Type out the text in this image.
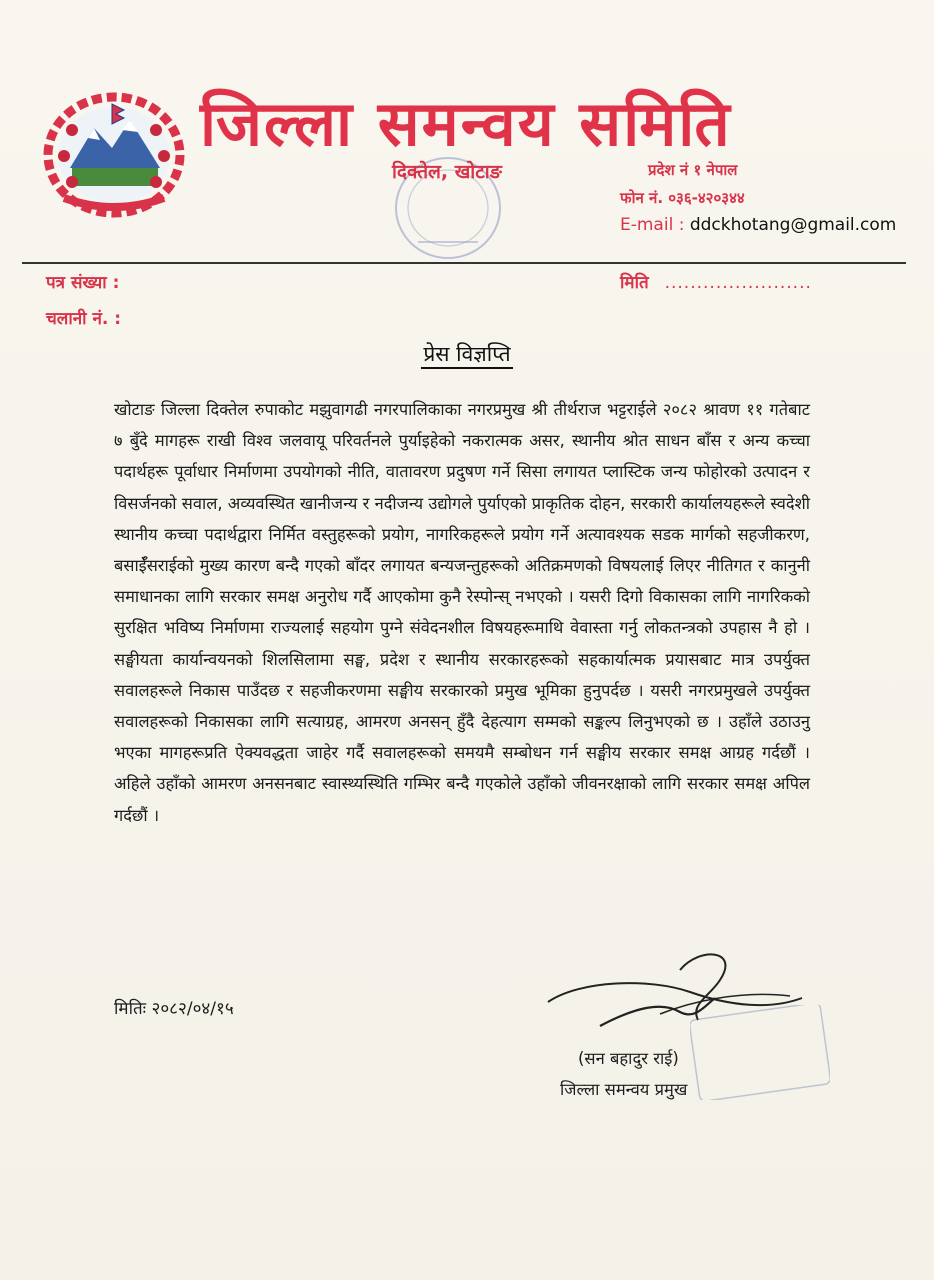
जिल्ला समन्वय समिति
दिक्तेल, खोटाङ	प्रदेश नं १ नेपाल
फोन नं. ०३६-४२०३४४
E-mail : ddckhotang@gmail.com
पत्र संख्या :
चलानी नं. :
मिति .......................
प्रेस विज्ञप्ति
खोटाङ जिल्ला दिक्तेल रुपाकोट मझुवागढी नगरपालिकाका नगरप्रमुख श्री तीर्थराज भट्टराईले २०८२ श्रावण ११ गतेबाट ७ बुँदे मागहरू राखी विश्व जलवायू परिवर्तनले पुर्याइहेको नकरात्मक असर, स्थानीय श्रोत साधन बाँस र अन्य कच्चा पदार्थहरू पूर्वाधार निर्माणमा उपयोगको नीति, वातावरण प्रदुषण गर्ने सिसा लगायत प्लास्टिक जन्य फोहोरको उत्पादन र विसर्जनको सवाल, अव्यवस्थित खानीजन्य र नदीजन्य उद्योगले पुर्याएको प्राकृतिक दोहन, सरकारी कार्यालयहरूले स्वदेशी स्थानीय कच्चा पदार्थद्वारा निर्मित वस्तुहरूको प्रयोग, नागरिकहरूले प्रयोग गर्ने अत्यावश्यक सडक मार्गको सहजीकरण, बसाईँसराईको मुख्य कारण बन्दै गएको बाँदर लगायत बन्यजन्तुहरूको अतिक्रमणको विषयलाई लिएर नीतिगत र कानुनी समाधानका लागि सरकार समक्ष अनुरोध गर्दै आएकोमा कुनै रेस्पोन्स् नभएको । यसरी दिगो विकासका लागि नागरिकको सुरक्षित भविष्य निर्माणमा राज्यलाई सहयोग पुग्ने संवेदनशील विषयहरूमाथि वेवास्ता गर्नु लोकतन्त्रको उपहास नै हो । सङ्घीयता कार्यान्वयनको शिलसिलामा सङ्घ, प्रदेश र स्थानीय सरकारहरूको सहकार्यात्मक प्रयासबाट मात्र उपर्युक्त सवालहरूले निकास पाउँदछ र सहजीकरणमा सङ्घीय सरकारको प्रमुख भूमिका हुनुपर्दछ । यसरी नगरप्रमुखले उपर्युक्त सवालहरूको निकासका लागि सत्याग्रह, आमरण अनसन् हुँदै देहत्याग सम्मको सङ्कल्प लिनुभएको छ । उहाँले उठाउनु भएका मागहरूप्रति ऐक्यवद्धता जाहेर गर्दै सवालहरूको समयमै सम्बोधन गर्न सङ्घीय सरकार समक्ष आग्रह गर्दछौं । अहिले उहाँको आमरण अनसनबाट स्वास्थ्यस्थिति गम्भिर बन्दै गएकोले उहाँको जीवनरक्षाको लागि सरकार समक्ष अपिल गर्दछौं ।
मितिः २०८२/०४/१५
(सन बहादुर राई)
जिल्ला समन्वय प्रमुख
